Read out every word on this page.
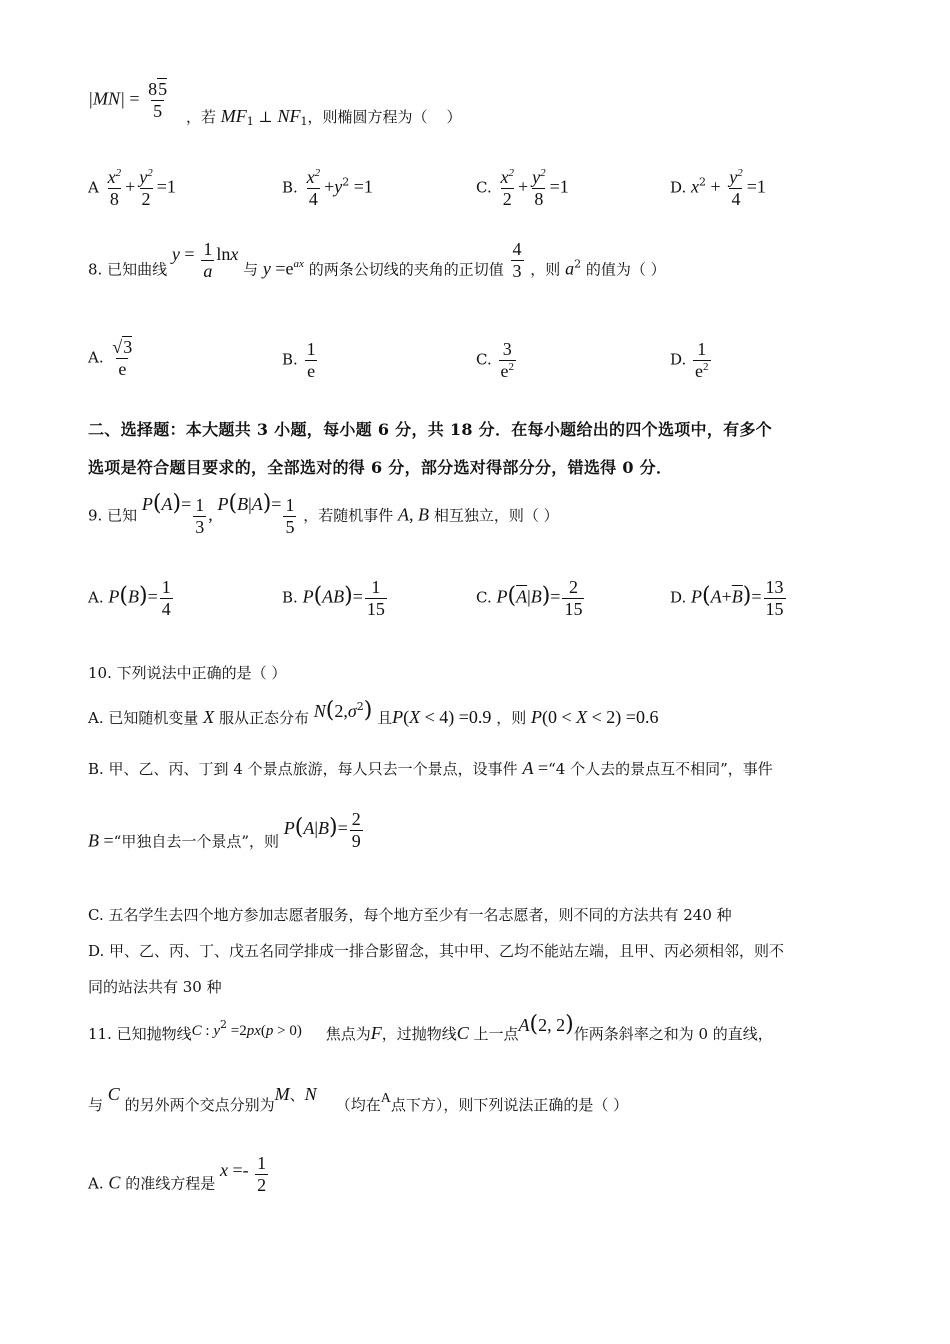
$|MN| = \frac{85}{5}$ ，若 $MF_1$ ⊥ $NF_1$，则椭圆方程为（    ）
A $\frac{x^2}{8} + \frac{y^2}{2} =1$	B. $\frac{x^2}{4} +y^2 =1$	C. $\frac{x^2}{2} + \frac{y^2}{8} =1$	D. $x^2 + \frac{y^2}{4} =1$
8. 已知曲线 $y = \frac{1}{a}$ lnx 与 $y =e^{ax}$ 的两条公切线的夹角的正切值 $\frac{4}{3}$ ，则 $a^2$ 的值为（ ）
A. $\frac{√3}{e}$	B. $\frac{1}{e}$	C. $\frac{3}{e^2}$	D. $\frac{1}{e^2}$
二、选择题：本大题共 3 小题，每小题 6 分，共 18 分．在每小题给出的四个选项中，有多个
选项是符合题目要求的，全部选对的得 6 分，部分选对得部分分，错选得 0 分．
9. 已知 $P(A)= \frac{1}{3}$ , $P(B|A)= \frac{1}{5}$ ，若随机事件 A, B 相互独立，则（ ）
A. $P(B)= \frac{1}{4}$	B. $P(AB)= \frac{1}{15}$	C. $P(\overline{A}|B)= \frac{2}{15}$	D. $P(A+\overline{B})= \frac{13}{15}$
10. 下列说法中正确的是（ ）
A. 已知随机变量 X 服从正态分布 $N(2,\sigma^2)$ 且P(X < 4) =0.9 ，则 P(0 < X < 2) =0.6
B. 甲、乙、丙、丁到 4 个景点旅游，每人只去一个景点，设事件 A =“4 个人去的景点互不相同”，事件
B =“甲独自去一个景点”，则 $P(A|B)= \frac{2}{9}$
C. 五名学生去四个地方参加志愿者服务，每个地方至少有一名志愿者，则不同的方法共有 240 种
D. 甲、乙、丙、丁、戊五名同学排成一排合影留念，其中甲、乙均不能站左端，且甲、丙必须相邻，则不
同的站法共有 30 种
11. 已知抛物线C : $y^2 =2px(p > 0)$ 焦点为F，过抛物线C 上一点A(2, 2)作两条斜率之和为 0 的直线，
与 C 的另外两个交点分别为M、N    （均在A点下方），则下列说法正确的是（ ）
A. C 的准线方程是 $x =- \frac{1}{2}$
